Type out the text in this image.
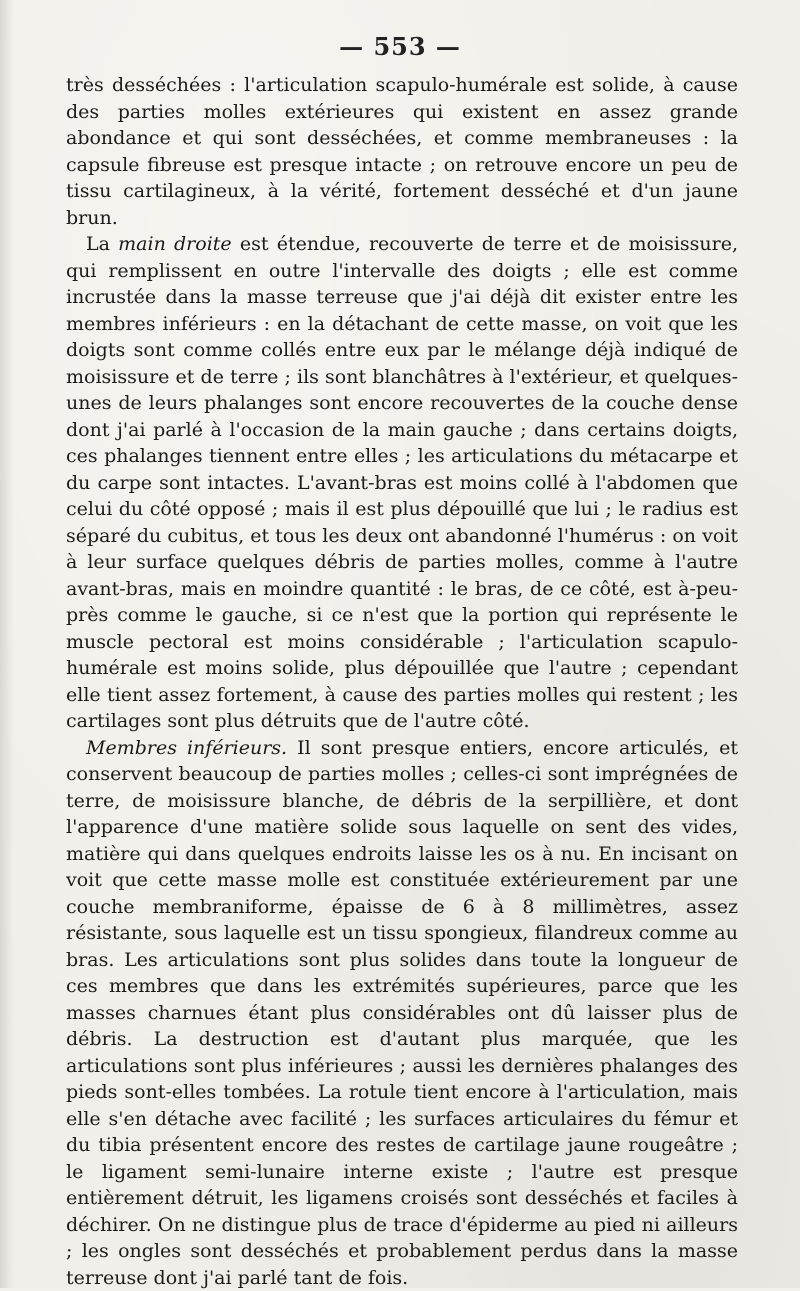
— 553 —

très desséchées : l'articulation scapulo-humérale est solide, à cause des parties molles extérieures qui existent en assez grande abondance et qui sont desséchées, et comme membraneuses : la capsule fibreuse est presque intacte ; on retrouve encore un peu de tissu cartilagineux, à la vérité, fortement desséché et d'un jaune brun.

La main droite est étendue, recouverte de terre et de moisissure, qui remplissent en outre l'intervalle des doigts ; elle est comme incrustée dans la masse terreuse que j'ai déjà dit exister entre les membres inférieurs : en la détachant de cette masse, on voit que les doigts sont comme collés entre eux par le mélange déjà indiqué de moisissure et de terre ; ils sont blanchâtres à l'extérieur, et quelques-unes de leurs phalanges sont encore recouvertes de la couche dense dont j'ai parlé à l'occasion de la main gauche ; dans certains doigts, ces phalanges tiennent entre elles ; les articulations du métacarpe et du carpe sont intactes. L'avant-bras est moins collé à l'abdomen que celui du côté opposé ; mais il est plus dépouillé que lui ; le radius est séparé du cubitus, et tous les deux ont abandonné l'humérus : on voit à leur surface quelques débris de parties molles, comme à l'autre avant-bras, mais en moindre quantité : le bras, de ce côté, est à-peu-près comme le gauche, si ce n'est que la portion qui représente le muscle pectoral est moins considérable ; l'articulation scapulo-humérale est moins solide, plus dépouillée que l'autre ; cependant elle tient assez fortement, à cause des parties molles qui restent ; les cartilages sont plus détruits que de l'autre côté.

Membres inférieurs. Il sont presque entiers, encore articulés, et conservent beaucoup de parties molles ; celles-ci sont imprégnées de terre, de moisissure blanche, de débris de la serpillière, et dont l'apparence d'une matière solide sous laquelle on sent des vides, matière qui dans quelques endroits laisse les os à nu. En incisant on voit que cette masse molle est constituée extérieurement par une couche membraniforme, épaisse de 6 à 8 millimètres, assez résistante, sous laquelle est un tissu spongieux, filandreux comme au bras. Les articulations sont plus solides dans toute la longueur de ces membres que dans les extrémités supérieures, parce que les masses charnues étant plus considérables ont dû laisser plus de débris. La destruction est d'autant plus marquée, que les articulations sont plus inférieures ; aussi les dernières phalanges des pieds sont-elles tombées. La rotule tient encore à l'articulation, mais elle s'en détache avec facilité ; les surfaces articulaires du fémur et du tibia présentent encore des restes de cartilage jaune rougeâtre ; le ligament semi-lunaire interne existe ; l'autre est presque entièrement détruit, les ligamens croisés sont desséchés et faciles à déchirer. On ne distingue plus de trace d'épiderme au pied ni ailleurs ; les ongles sont desséchés et probablement perdus dans la masse terreuse dont j'ai parlé tant de fois.
